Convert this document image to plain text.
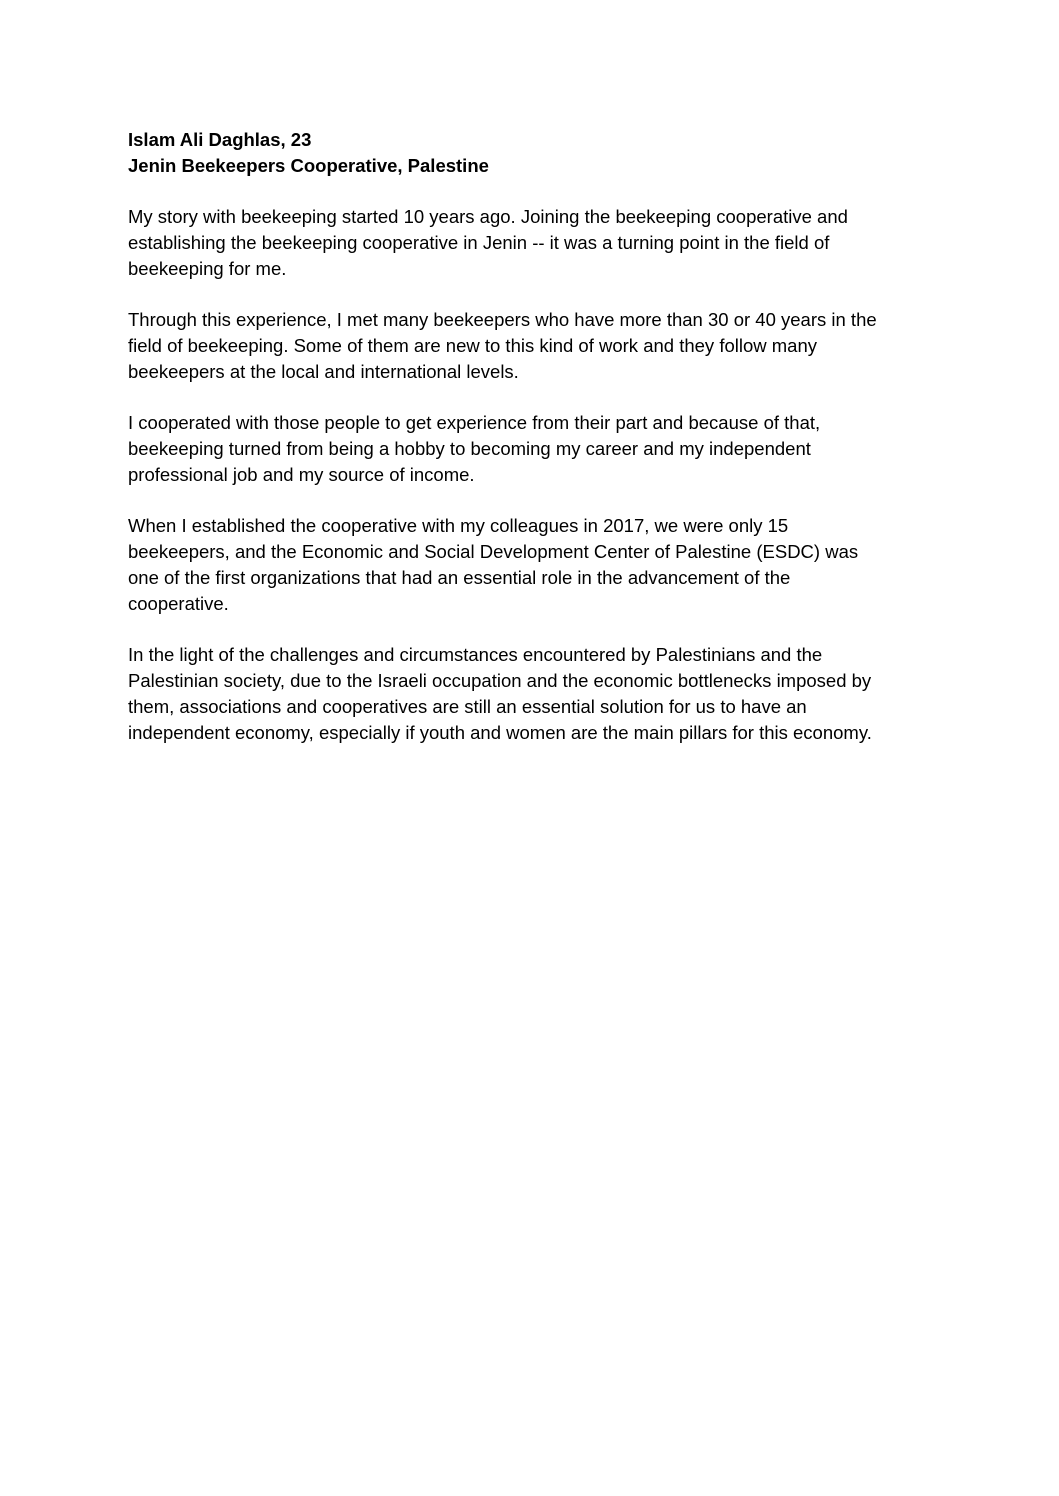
Islam Ali Daghlas, 23

Jenin Beekeepers Cooperative, Palestine

My story with beekeeping started 10 years ago. Joining the beekeeping cooperative and

establishing the beekeeping cooperative in Jenin -- it was a turning point in the field of

beekeeping for me.

Through this experience, I met many beekeepers who have more than 30 or 40 years in the

field of beekeeping. Some of them are new to this kind of work and they follow many

beekeepers at the local and international levels.

I cooperated with those people to get experience from their part and because of that,

beekeeping turned from being a hobby to becoming my career and my independent

professional job and my source of income.

When I established the cooperative with my colleagues in 2017, we were only 15

beekeepers, and the Economic and Social Development Center of Palestine (ESDC) was

one of the first organizations that had an essential role in the advancement of the

cooperative.

In the light of the challenges and circumstances encountered by Palestinians and the

Palestinian society, due to the Israeli occupation and the economic bottlenecks imposed by

them, associations and cooperatives are still an essential solution for us to have an

independent economy, especially if youth and women are the main pillars for this economy.
